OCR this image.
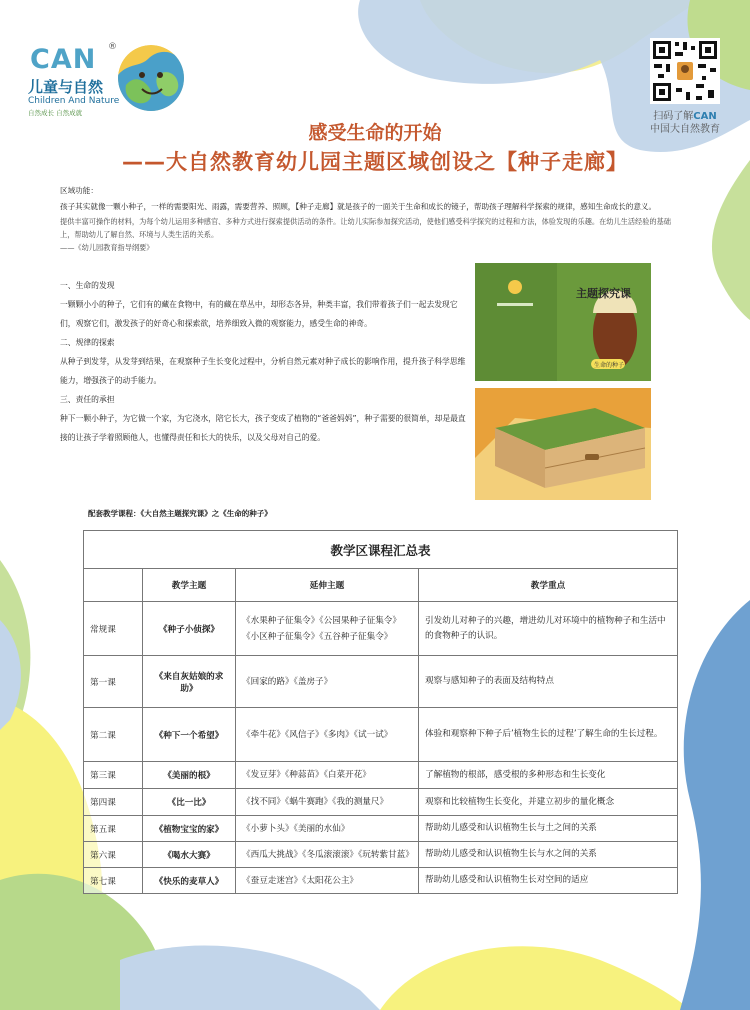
CAN ®
儿童与自然
Children And Nature
自然成长 自然成就	扫码了解CAN
中国大自然教育
感受生命的开始
——大自然教育幼儿园主题区域创设之【种子走廊】

区域功能：

孩子其实就像一颗小种子，一样的需要阳光、雨露，需要营养、照顾，【种子走廊】就是孩子的一面关于生命和成长的镜子，帮助孩子理解科学探索的规律，感知生命成长的意义。

提供丰富可操作的材料，为每个幼儿运用多种感官、多种方式进行探索提供活动的条件。让幼儿实际参加探究活动，使他们感受科学探究的过程和方法，体验发现的乐趣。在幼儿生活经验的基础上，帮助幼儿了解自然、环境与人类生活的关系。

——《幼儿园教育指导纲要》

一、生命的发现

一颗颗小小的种子，它们有的藏在食物中，有的藏在草丛中，却形态各异，种类丰富，我们带着孩子们一起去发现它们，观察它们，激发孩子的好奇心和探索欲，培养细致入微的观察能力，感受生命的神奇。

二、规律的探索

从种子到发芽，从发芽到结果，在观察种子生长变化过程中，分析自然元素对种子成长的影响作用，提升孩子科学思维能力，增强孩子的动手能力。

三、责任的承担

种下一颗小种子，为它做一个家，为它浇水，陪它长大，孩子变成了植物的“爸爸妈妈”，种子需要的很简单，却是最直接的让孩子学着照顾他人，也懂得责任和长大的快乐，以及父母对自己的爱。

主题探究课
生命的种子
配套教学课程：《大自然主题探究课》之《生命的种子》
教学区课程汇总表			
	教学主题	延伸主题	教学重点
常规课	《种子小侦探》	《水果种子征集令》《公园果种子征集令》《小区种子征集令》《五谷种子征集令》	引发幼儿对种子的兴趣，增进幼儿对环境中的植物种子和生活中的食物种子的认识。
第一课	《来自灰姑娘的求助》	《回家的路》《盖房子》	观察与感知种子的表面及结构特点
第二课	《种下一个希望》	《牵牛花》《风信子》《多肉》《试一试》	体验和观察种下种子后’植物生长的过程’了解生命的生长过程。
第三课	《美丽的根》	《发豆芽》《种蒜苗》《白菜开花》	了解植物的根部，感受根的多种形态和生长变化
第四课	《比一比》	《找不同》《蜗牛赛跑》《我的测量尺》	观察和比较植物生长变化，并建立初步的量化概念
第五课	《植物宝宝的家》	《小萝卜头》《美丽的水仙》	帮助幼儿感受和认识植物生长与土之间的关系
第六课	《喝水大赛》	《西瓜大挑战》《冬瓜滚滚滚》《玩转紫甘蓝》	帮助幼儿感受和认识植物生长与水之间的关系
第七课	《快乐的麦草人》	《蚕豆走迷宫》《太阳花公主》	帮助幼儿感受和认识植物生长对空间的适应
